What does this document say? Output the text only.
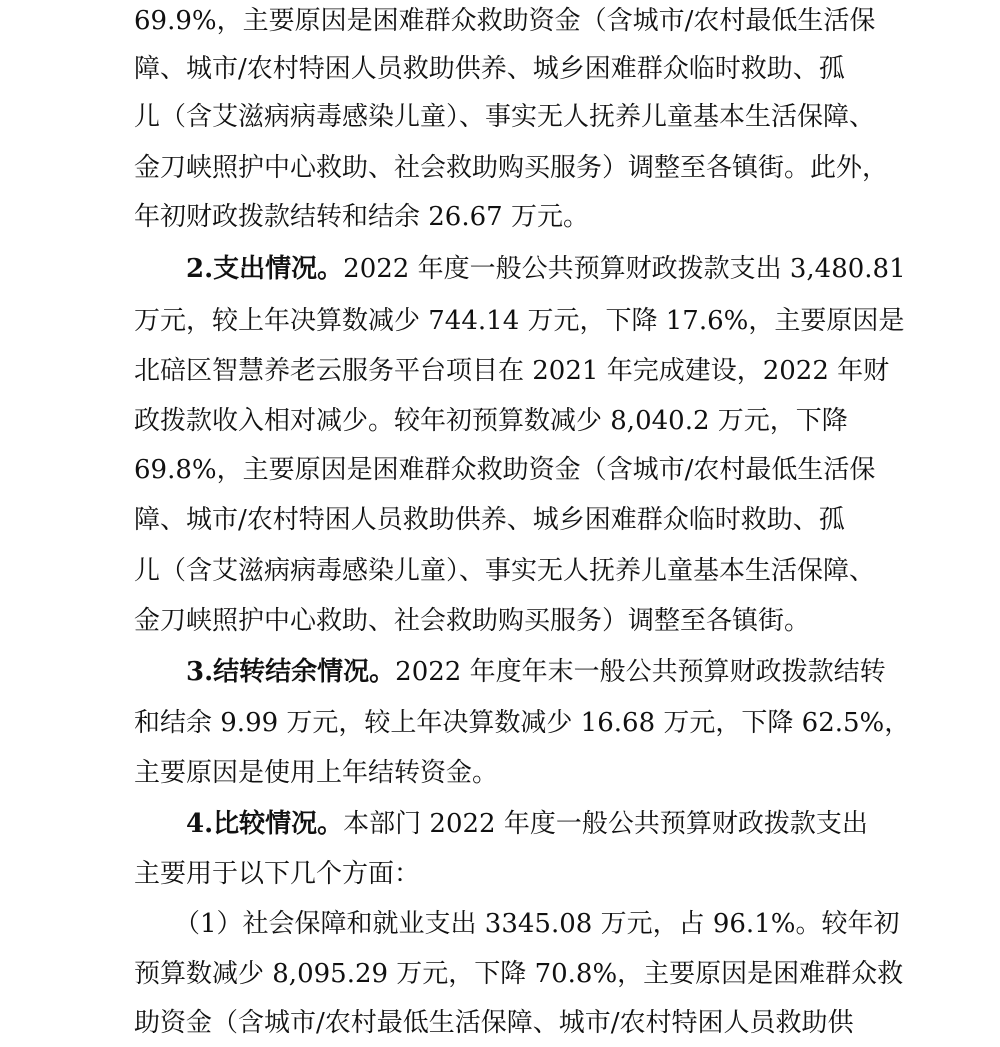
69.9%，主要原因是困难群众救助资金（含城市/农村最低生活保
障、城市/农村特困人员救助供养、城乡困难群众临时救助、孤
儿（含艾滋病病毒感染儿童）、事实无人抚养儿童基本生活保障、
金刀峡照护中心救助、社会救助购买服务）调整至各镇街。此外，
年初财政拨款结转和结余 26.67 万元。
2.支出情况。2022 年度一般公共预算财政拨款支出 3,480.81
万元，较上年决算数减少 744.14 万元，下降 17.6%，主要原因是
北碚区智慧养老云服务平台项目在 2021 年完成建设，2022 年财
政拨款收入相对减少。较年初预算数减少 8,040.2 万元，下降
69.8%，主要原因是困难群众救助资金（含城市/农村最低生活保
障、城市/农村特困人员救助供养、城乡困难群众临时救助、孤
儿（含艾滋病病毒感染儿童）、事实无人抚养儿童基本生活保障、
金刀峡照护中心救助、社会救助购买服务）调整至各镇街。
3.结转结余情况。2022 年度年末一般公共预算财政拨款结转
和结余 9.99 万元，较上年决算数减少 16.68 万元，下降 62.5%，
主要原因是使用上年结转资金。
4.比较情况。本部门 2022 年度一般公共预算财政拨款支出
主要用于以下几个方面：
（1）社会保障和就业支出 3345.08 万元，占 96.1%。较年初
预算数减少 8,095.29 万元，下降 70.8%，主要原因是困难群众救
助资金（含城市/农村最低生活保障、城市/农村特困人员救助供
